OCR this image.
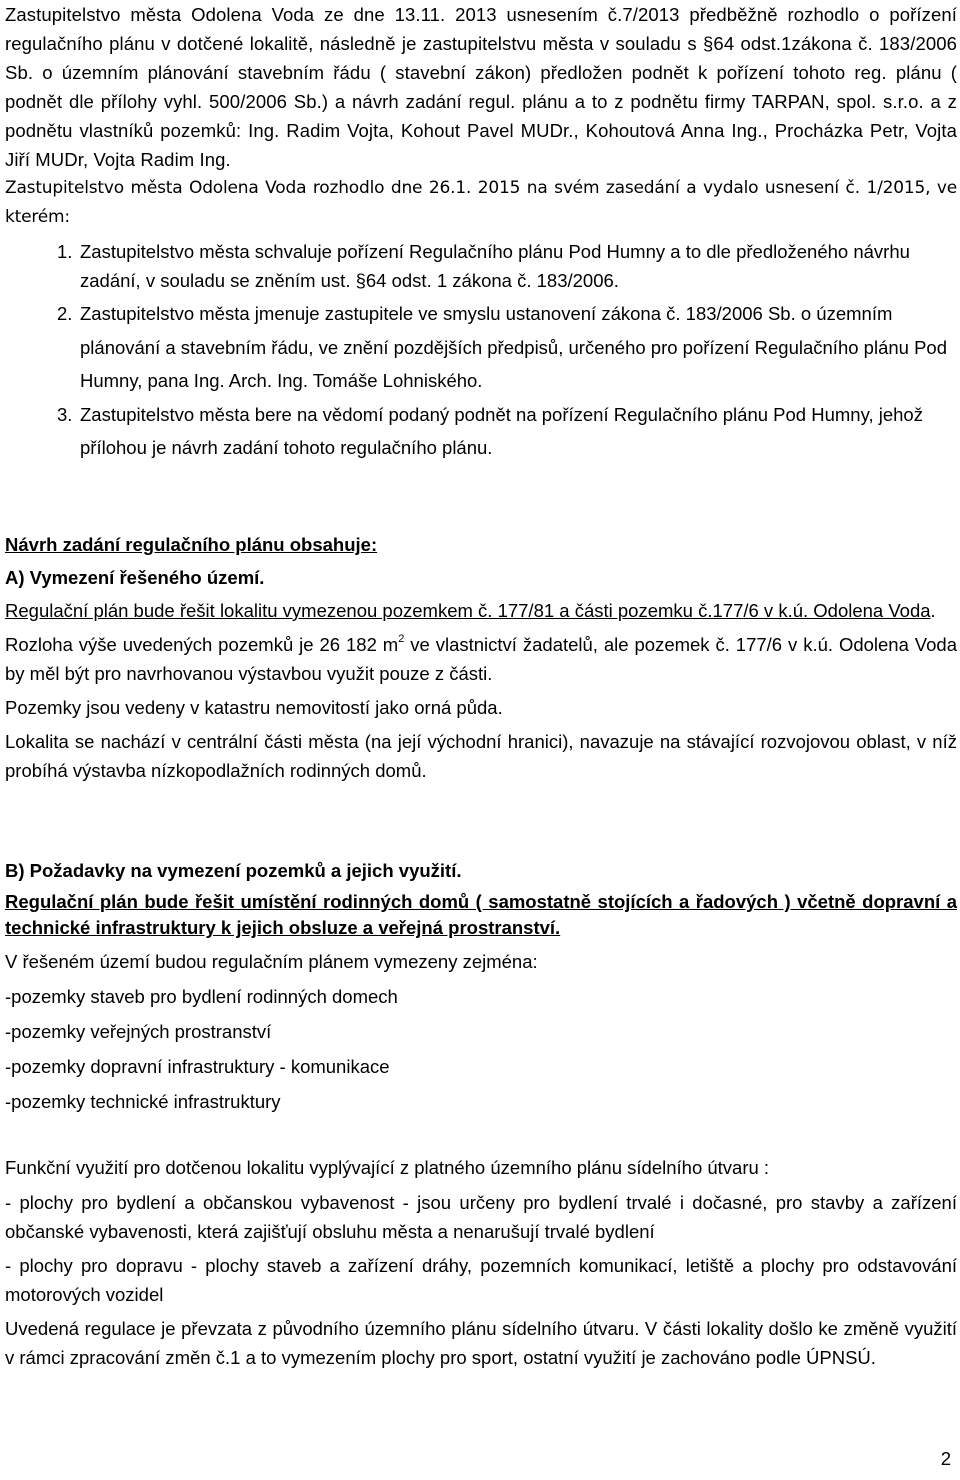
Zastupitelstvo města Odolena Voda ze dne 13.11. 2013 usnesením č.7/2013 předběžně rozhodlo o pořízení regulačního plánu v dotčené lokalitě, následně je zastupitelstvu města v souladu s §64 odst.1zákona č. 183/2006 Sb. o územním plánování stavebním řádu ( stavební zákon) předložen podnět k pořízení tohoto reg. plánu ( podnět dle přílohy vyhl. 500/2006 Sb.) a návrh zadání regul. plánu a to z podnětu firmy TARPAN, spol. s.r.o. a z podnětu vlastníků pozemků: Ing. Radim Vojta, Kohout Pavel MUDr., Kohoutová Anna Ing., Procházka Petr, Vojta Jiří MUDr, Vojta Radim Ing.

Zastupitelstvo města Odolena Voda rozhodlo dne 26.1. 2015 na svém zasedání a vydalo usnesení č. 1/2015, ve kterém:

1. Zastupitelstvo města schvaluje pořízení Regulačního plánu Pod Humny a to dle předloženého návrhu zadání, v souladu se zněním ust. §64 odst. 1 zákona č. 183/2006.
2. Zastupitelstvo města jmenuje zastupitele ve smyslu ustanovení zákona č. 183/2006 Sb. o územním plánování a stavebním řádu, ve znění pozdějších předpisů, určeného pro pořízení Regulačního plánu Pod Humny, pana Ing. Arch. Ing. Tomáše Lohniského.
3. Zastupitelstvo města bere na vědomí podaný podnět na pořízení Regulačního plánu Pod Humny, jehož přílohou je návrh zadání tohoto regulačního plánu.

Návrh zadání regulačního plánu obsahuje:

A) Vymezení řešeného území.

Regulační plán bude řešit lokalitu vymezenou pozemkem č. 177/81 a části pozemku č.177/6 v k.ú. Odolena Voda.

Rozloha výše uvedených pozemků je 26 182 $m^2$ ve vlastnictví žadatelů, ale pozemek č. 177/6 v k.ú. Odolena Voda by měl být pro navrhovanou výstavbou využit pouze z části.

Pozemky jsou vedeny v katastru nemovitostí jako orná půda.

Lokalita se nachází v centrální části města (na její východní hranici), navazuje na stávající rozvojovou oblast, v níž probíhá výstavba nízkopodlažních rodinných domů.

B) Požadavky na vymezení pozemků a jejich využití.

Regulační plán bude řešit umístění rodinných domů ( samostatně stojících a řadových ) včetně dopravní a technické infrastruktury k jejich obsluze a veřejná prostranství.

V řešeném území budou regulačním plánem vymezeny zejména:

-pozemky staveb pro bydlení rodinných domech

-pozemky veřejných prostranství

-pozemky dopravní infrastruktury - komunikace

-pozemky technické infrastruktury

Funkční využití pro dotčenou lokalitu vyplývající z platného územního plánu sídelního útvaru :

- plochy pro bydlení a občanskou vybavenost - jsou určeny pro bydlení trvalé i dočasné, pro stavby a zařízení občanské vybavenosti, která zajišťují obsluhu města a nenarušují trvalé bydlení

- plochy pro dopravu - plochy staveb a zařízení dráhy, pozemních komunikací, letiště a plochy pro odstavování motorových vozidel

Uvedená regulace je převzata z původního územního plánu sídelního útvaru. V části lokality došlo ke změně využití v rámci zpracování změn č.1 a to vymezením plochy pro sport, ostatní využití je zachováno podle ÚPNSÚ.

2
